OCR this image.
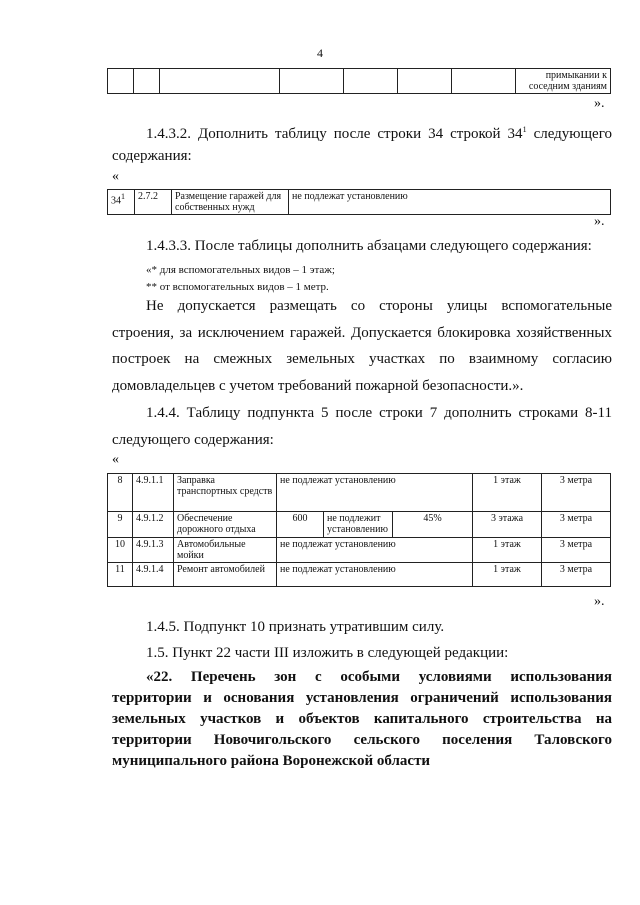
4
							примыкании к соседним зданиям
».
1.4.3.2. Дополнить таблицу после строки 34 строкой $34^1$ следующего
содержания:
«
$34^1$	2.7.2	Размещение гаражей для собственных нужд	не подлежат установлению
».
1.4.3.3. После таблицы дополнить абзацами следующего содержания:
«* для вспомогательных видов – 1 этаж;
** от вспомогательных видов – 1 метр.
Не допускается размещать со стороны улицы вспомогательные
строения, за исключением гаражей. Допускается блокировка хозяйственных
построек на смежных земельных участках по взаимному согласию
домовладельцев с учетом требований пожарной безопасности.».
1.4.4. Таблицу подпункта 5 после строки 7 дополнить строками 8-11
следующего содержания:
«
8	4.9.1.1	Заправка транспортных средств	не подлежат установлению			1 этаж	3 метра
9	4.9.1.2	Обеспечение дорожного отдыха	600	не подлежит установлению	45%	3 этажа	3 метра
10	4.9.1.3	Автомобильные мойки	не подлежат установлению			1 этаж	3 метра
11	4.9.1.4	Ремонт автомобилей	не подлежат установлению			1 этаж	3 метра
».
1.4.5. Подпункт 10 признать утратившим силу.
1.5. Пункт 22 части III изложить в следующей редакции:
«22. Перечень зон с особыми условиями использования
территории и основания установления ограничений использования
земельных участков и объектов капитального строительства на
территории Новочигольского сельского поселения Таловского
муниципального района Воронежской области
